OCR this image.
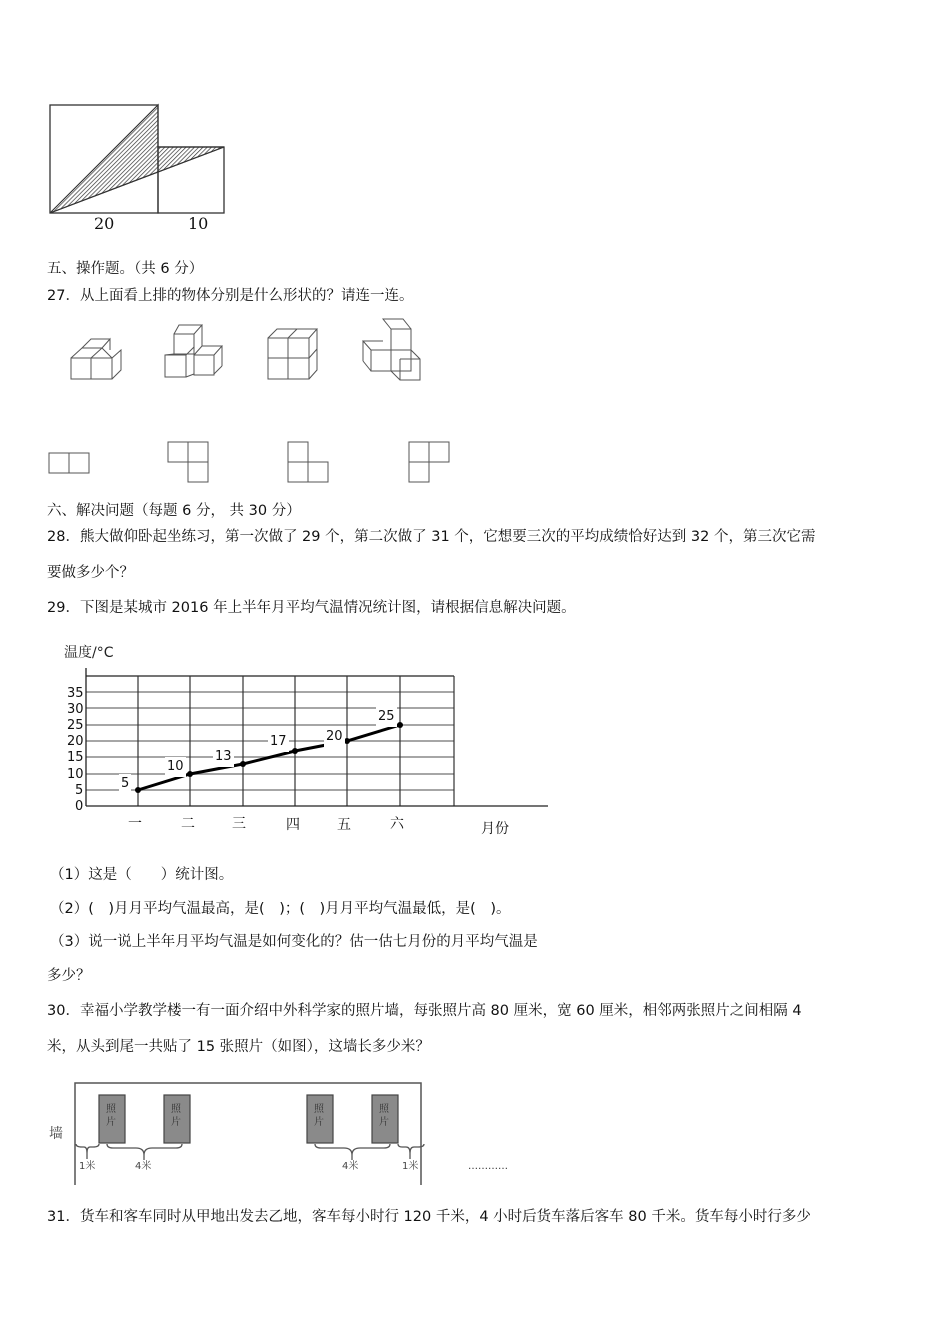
20	10
五、操作题。（共 6 分）
27．从上面看上排的物体分别是什么形状的？请连一连。
六、解决问题（每题 6 分， 共 30 分）
28．熊大做仰卧起坐练习，第一次做了 29 个，第二次做了 31 个，它想要三次的平均成绩恰好达到 32 个，第三次它需
要做多少个？
29．下图是某城市 2016 年上半年月平均气温情况统计图，请根据信息解决问题。
温度/°C
35
30
25
20
15
10
5
0
5
10
13
17	20
25
一	二	三	四	五	六	月份
（1）这是（　　）统计图。
（2）(　)月月平均气温最高，是(　)；(　)月月平均气温最低，是(　)。
（3）说一说上半年月平均气温是如何变化的？估一估七月份的月平均气温是
多少？
30．幸福小学教学楼一有一面介绍中外科学家的照片墙，每张照片高 80 厘米，宽 60 厘米，相邻两张照片之间相隔 4
米，从头到尾一共贴了 15 张照片（如图），这墙长多少米？
墙
照
片
照
片
照
片
照
片
1米	4米	4米	1米	…………
31．货车和客车同时从甲地出发去乙地，客车每小时行 120 千米，4 小时后货车落后客车 80 千米。货车每小时行多少
